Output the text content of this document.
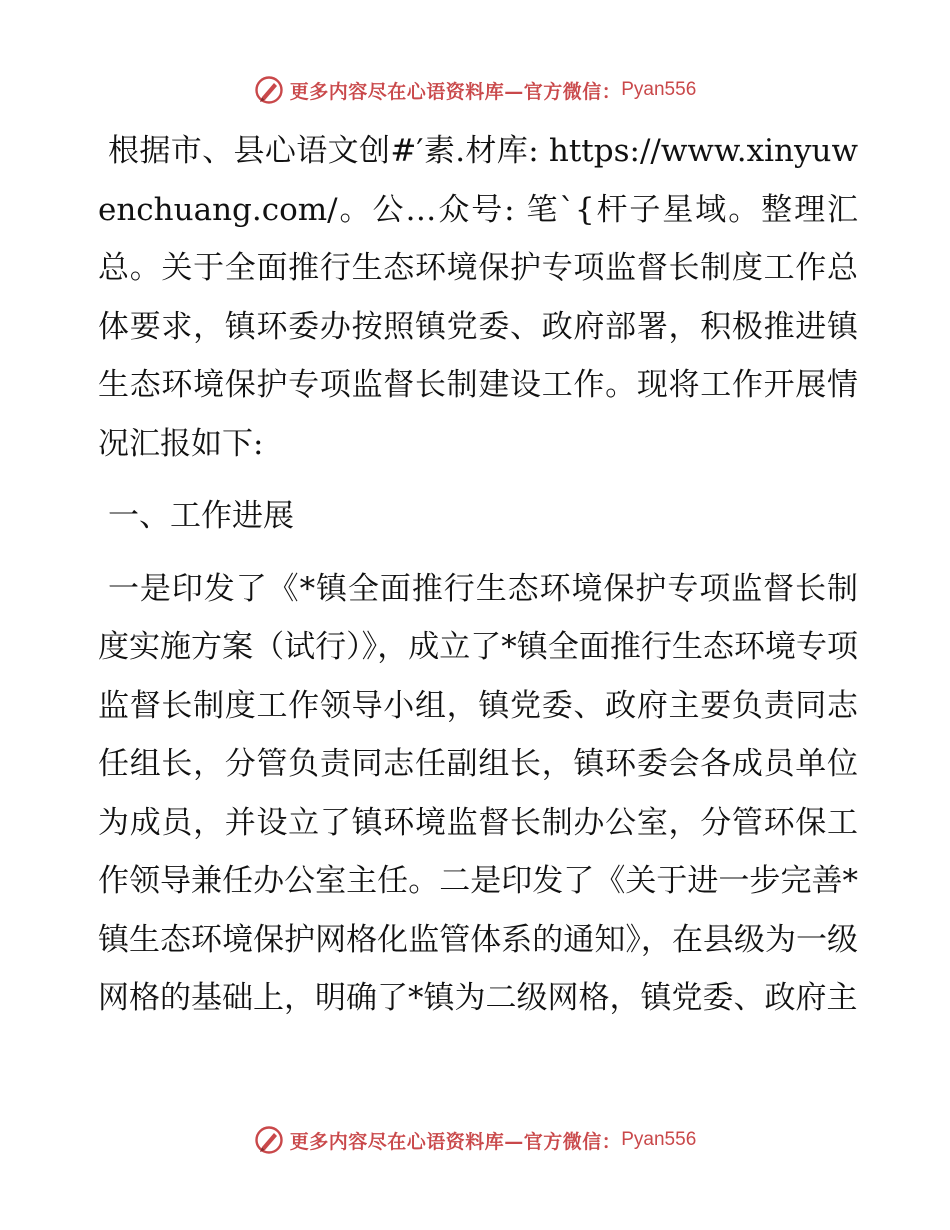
更多内容尽在心语资料库—官方微信： Pyan556

根据市、县心语文创#′素.材库: https://www.xinyuwenchuang.com/。公…众号: 笔`{杆子星域。整理汇总。关于全面推行生态环境保护专项监督长制度工作总体要求，镇环委办按照镇党委、政府部署，积极推进镇生态环境保护专项监督长制建设工作。现将工作开展情况汇报如下:

一、工作进展

一是印发了《*镇全面推行生态环境保护专项监督长制度实施方案（试行）》，成立了*镇全面推行生态环境专项监督长制度工作领导小组，镇党委、政府主要负责同志任组长，分管负责同志任副组长，镇环委会各成员单位为成员，并设立了镇环境监督长制办公室，分管环保工作领导兼任办公室主任。二是印发了《关于进一步完善*镇生态环境保护网格化监管体系的通知》，在县级为一级网格的基础上，明确了*镇为二级网格，镇党委、政府主

更多内容尽在心语资料库—官方微信： Pyan556
